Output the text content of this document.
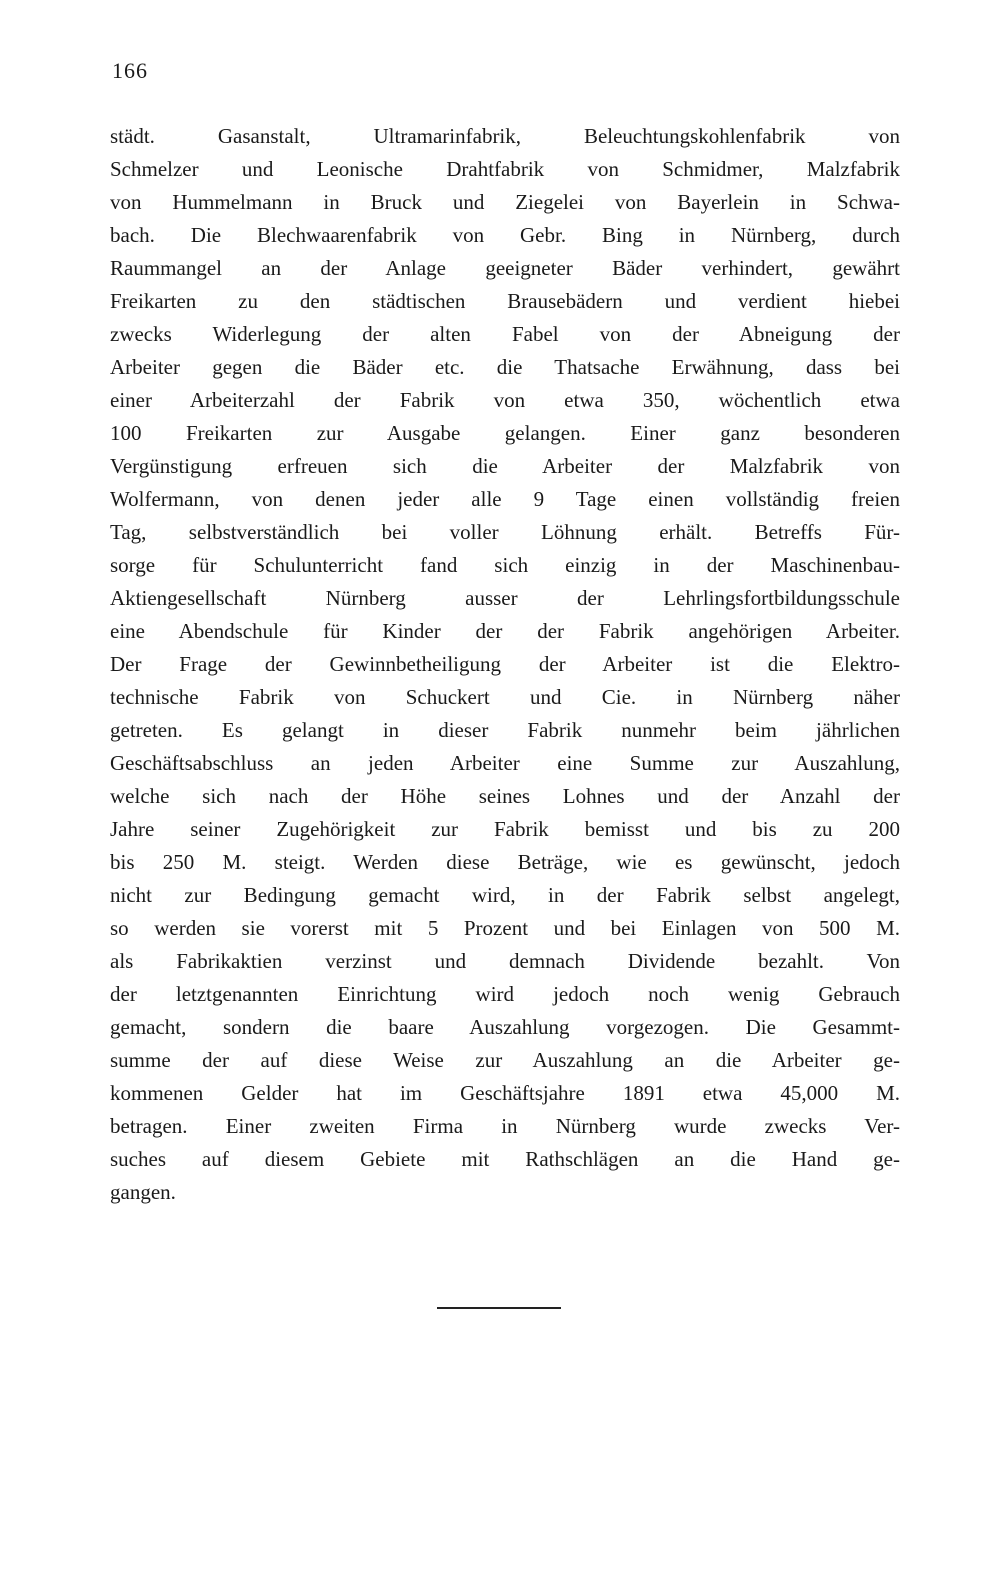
166
städt. Gasanstalt, Ultramarinfabrik, Beleuchtungskohlenfabrik von
Schmelzer und Leonische Drahtfabrik von Schmidmer, Malzfabrik
von Hummelmann in Bruck und Ziegelei von Bayerlein in Schwa-
bach. Die Blechwaarenfabrik von Gebr. Bing in Nürnberg, durch
Raummangel an der Anlage geeigneter Bäder verhindert, gewährt
Freikarten zu den städtischen Brausebädern und verdient hiebei
zwecks Widerlegung der alten Fabel von der Abneigung der
Arbeiter gegen die Bäder etc. die Thatsache Erwähnung, dass bei
einer Arbeiterzahl der Fabrik von etwa 350, wöchentlich etwa
100 Freikarten zur Ausgabe gelangen. Einer ganz besonderen
Vergünstigung erfreuen sich die Arbeiter der Malzfabrik von
Wolfermann, von denen jeder alle 9 Tage einen vollständig freien
Tag, selbstverständlich bei voller Löhnung erhält. Betreffs Für-
sorge für Schulunterricht fand sich einzig in der Maschinenbau-
Aktiengesellschaft Nürnberg ausser der Lehrlingsfortbildungsschule
eine Abendschule für Kinder der der Fabrik angehörigen Arbeiter.
Der Frage der Gewinnbetheiligung der Arbeiter ist die Elektro-
technische Fabrik von Schuckert und Cie. in Nürnberg näher
getreten. Es gelangt in dieser Fabrik nunmehr beim jährlichen
Geschäftsabschluss an jeden Arbeiter eine Summe zur Auszahlung,
welche sich nach der Höhe seines Lohnes und der Anzahl der
Jahre seiner Zugehörigkeit zur Fabrik bemisst und bis zu 200
bis 250 M. steigt. Werden diese Beträge, wie es gewünscht, jedoch
nicht zur Bedingung gemacht wird, in der Fabrik selbst angelegt,
so werden sie vorerst mit 5 Prozent und bei Einlagen von 500 M.
als Fabrikaktien verzinst und demnach Dividende bezahlt. Von
der letztgenannten Einrichtung wird jedoch noch wenig Gebrauch
gemacht, sondern die baare Auszahlung vorgezogen. Die Gesammt-
summe der auf diese Weise zur Auszahlung an die Arbeiter ge-
kommenen Gelder hat im Geschäftsjahre 1891 etwa 45,000 M.
betragen. Einer zweiten Firma in Nürnberg wurde zwecks Ver-
suches auf diesem Gebiete mit Rathschlägen an die Hand ge-
gangen.
